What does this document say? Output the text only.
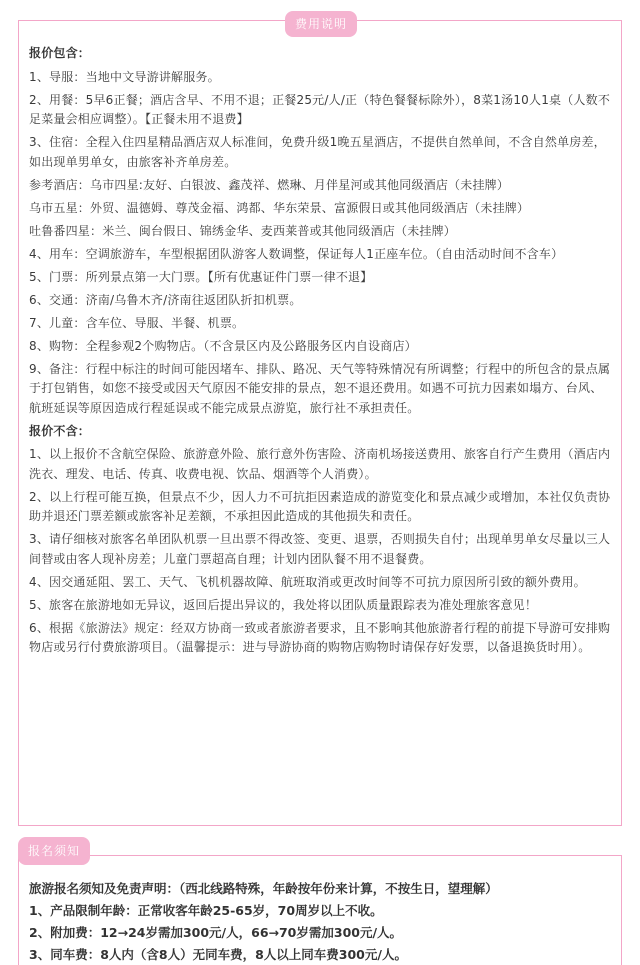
费用说明

报价包含：

1、导服：当地中文导游讲解服务。

2、用餐：5早6正餐；酒店含早、不用不退；正餐25元/人/正（特色餐餐标除外），8菜1汤10人1桌（人数不足菜量会相应调整）。【正餐未用不退费】

3、住宿：全程入住四星精品酒店双人标准间，免费升级1晚五星酒店，不提供自然单间，不含自然单房差，如出现单男单女，由旅客补齐单房差。

参考酒店：乌市四星:友好、白银波、鑫茂祥、燃琳、月伴星河或其他同级酒店（未挂牌）

乌市五星：外贸、温德姆、尊茂金福、鸿都、华东荣景、富源假日或其他同级酒店（未挂牌）

吐鲁番四星：米兰、闽台假日、锦绣金华、麦西莱普或其他同级酒店（未挂牌）

4、用车：空调旅游车，车型根据团队游客人数调整，保证每人1正座车位。（自由活动时间不含车）

5、门票：所列景点第一大门票。【所有优惠证件门票一律不退】

6、交通：济南/乌鲁木齐/济南往返团队折扣机票。

7、儿童：含车位、导服、半餐、机票。

8、购物：全程参观2个购物店。（不含景区内及公路服务区内自设商店）

9、备注：行程中标注的时间可能因堵车、排队、路况、天气等特殊情况有所调整；行程中的所包含的景点属于打包销售，如您不接受或因天气原因不能安排的景点，恕不退还费用。如遇不可抗力因素如塌方、台风、航班延误等原因造成行程延误或不能完成景点游览，旅行社不承担责任。

报价不含：

1、以上报价不含航空保险、旅游意外险、旅行意外伤害险、济南机场接送费用、旅客自行产生费用（酒店内洗衣、理发、电话、传真、收费电视、饮品、烟酒等个人消费）。

2、以上行程可能互换，但景点不少，因人力不可抗拒因素造成的游览变化和景点减少或增加，本社仅负责协助并退还门票差额或旅客补足差额，不承担因此造成的其他损失和责任。

3、请仔细核对旅客名单团队机票一旦出票不得改签、变更、退票，否则损失自付；出现单男单女尽量以三人间替或由客人现补房差；儿童门票超高自理；计划内团队餐不用不退餐费。

4、因交通延阻、罢工、天气、飞机机器故障、航班取消或更改时间等不可抗力原因所引致的额外费用。

5、旅客在旅游地如无异议，返回后提出异议的，我处将以团队质量跟踪表为准处理旅客意见！

6、根据《旅游法》规定：经双方协商一致或者旅游者要求，且不影响其他旅游者行程的前提下导游可安排购物店或另行付费旅游项目。（温馨提示：进与导游协商的购物店购物时请保存好发票，以备退换货时用）。

报名须知

旅游报名须知及免责声明：（西北线路特殊，年龄按年份来计算，不按生日，望理解）

1、产品限制年龄：正常收客年龄25-65岁，70周岁以上不收。

2、附加费：12→24岁需加300元/人，66→70岁需加300元/人。

3、同车费：8人内（含8人）无同车费，8人以上同车费300元/人。
